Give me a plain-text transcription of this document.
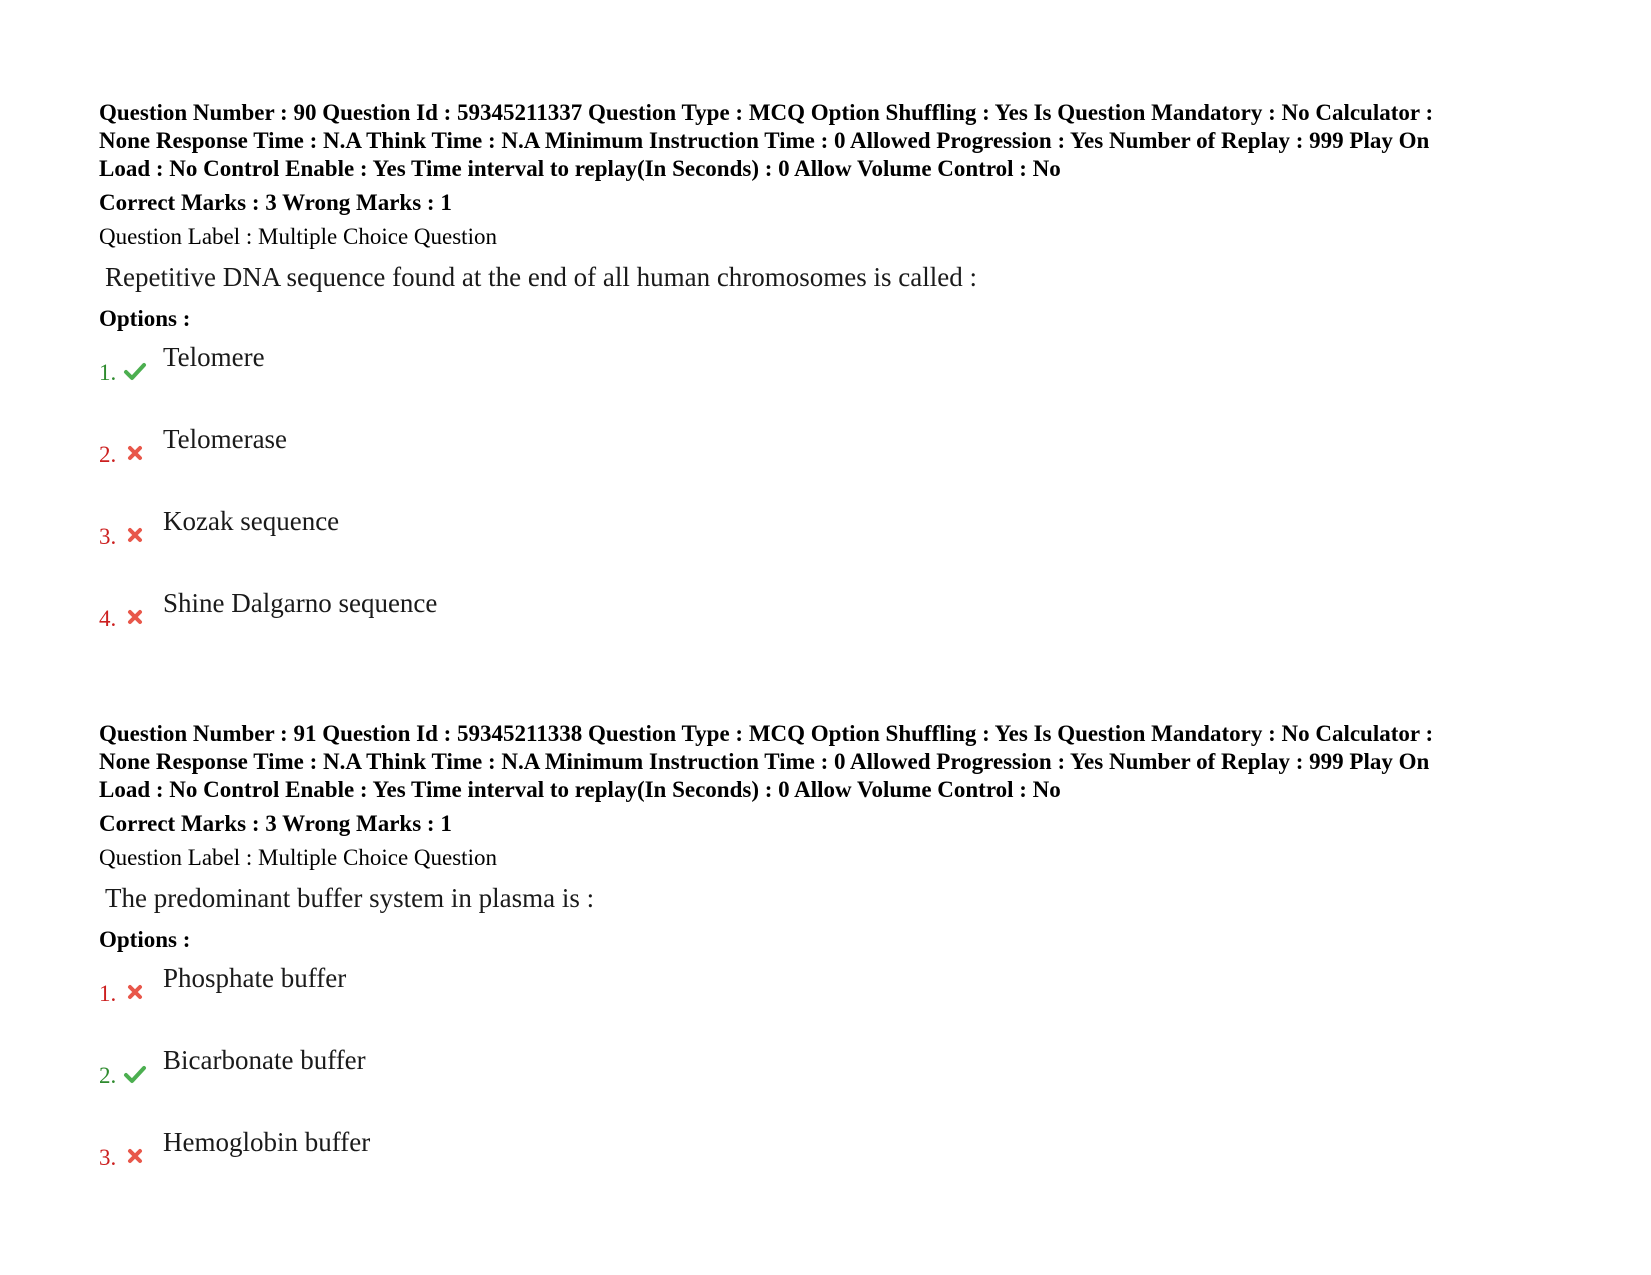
Question Number : 90 Question Id : 59345211337 Question Type : MCQ Option Shuffling : Yes Is Question Mandatory : No Calculator :
None Response Time : N.A Think Time : N.A Minimum Instruction Time : 0 Allowed Progression : Yes Number of Replay : 999 Play On
Load : No Control Enable : Yes Time interval to replay(In Seconds) : 0 Allow Volume Control : No
Correct Marks : 3 Wrong Marks : 1
Question Label : Multiple Choice Question
Repetitive DNA sequence found at the end of all human chromosomes is called :
Options :
1.
Telomere
2.
Telomerase
3.
Kozak sequence
4.
Shine Dalgarno sequence
Question Number : 91 Question Id : 59345211338 Question Type : MCQ Option Shuffling : Yes Is Question Mandatory : No Calculator :
None Response Time : N.A Think Time : N.A Minimum Instruction Time : 0 Allowed Progression : Yes Number of Replay : 999 Play On
Load : No Control Enable : Yes Time interval to replay(In Seconds) : 0 Allow Volume Control : No
Correct Marks : 3 Wrong Marks : 1
Question Label : Multiple Choice Question
The predominant buffer system in plasma is :
Options :
1.
Phosphate buffer
2.
Bicarbonate buffer
3.
Hemoglobin buffer
